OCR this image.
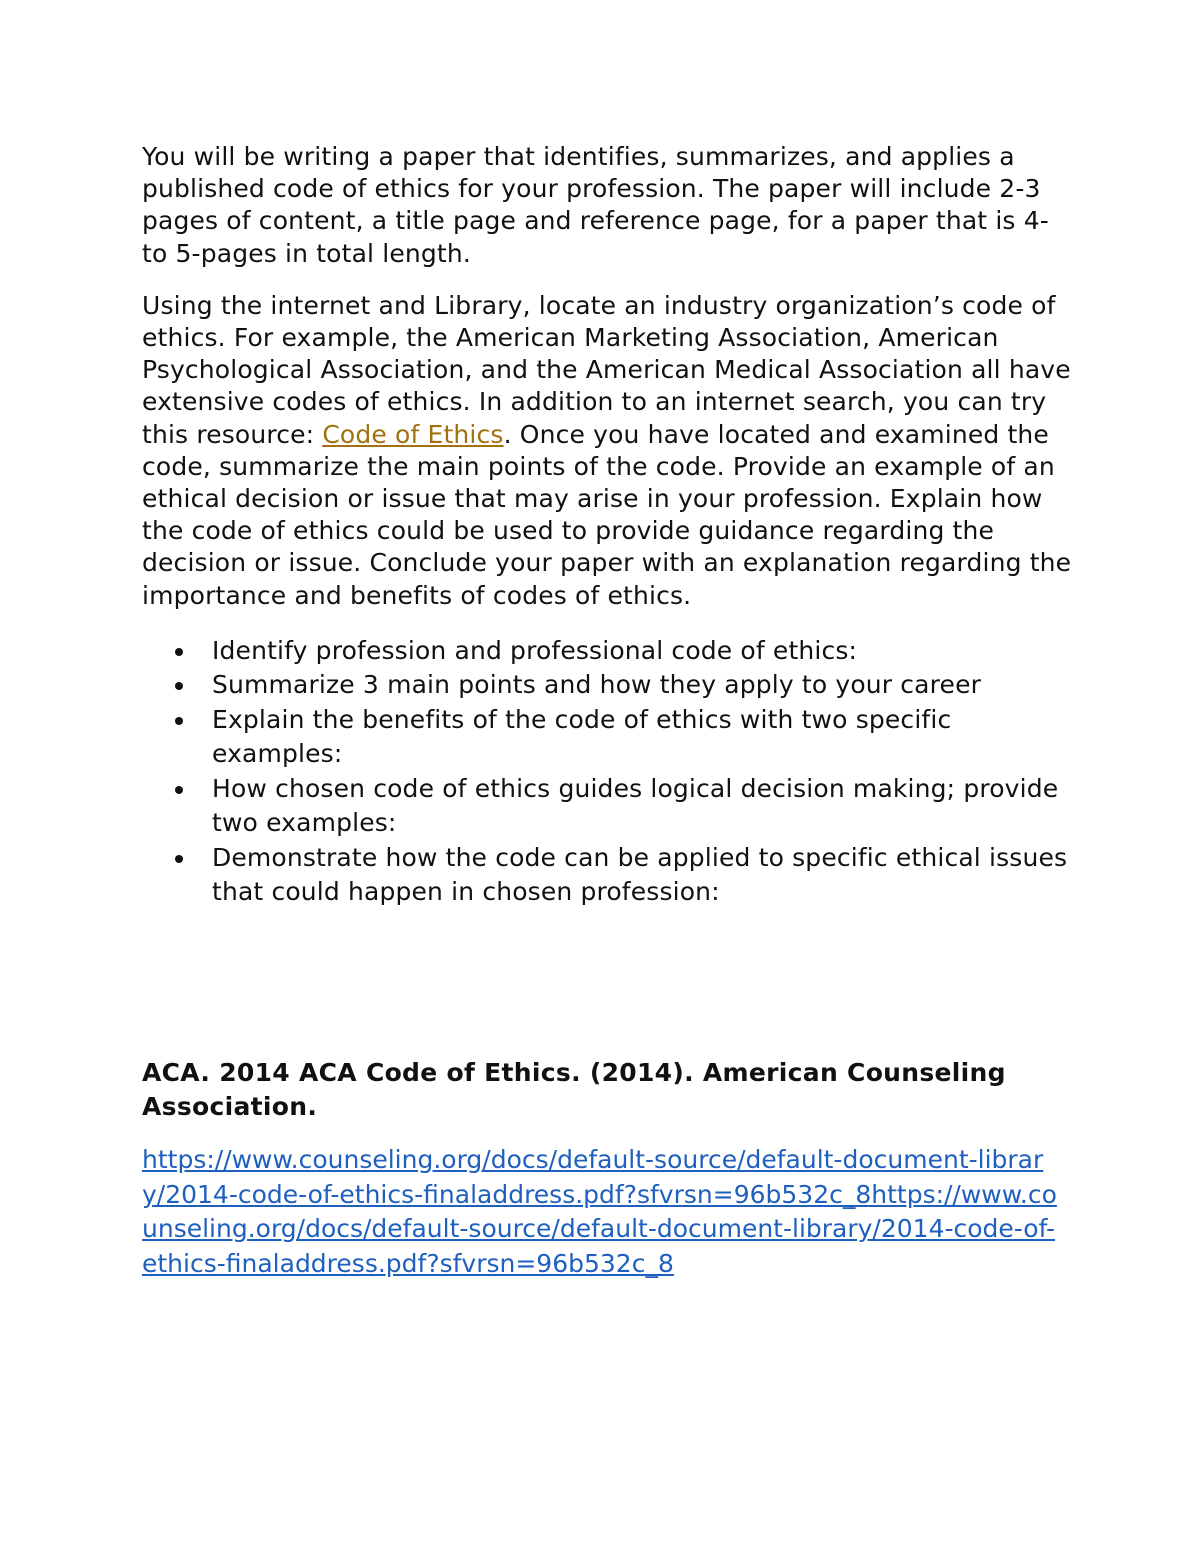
You will be writing a paper that identifies, summarizes, and applies a published code of ethics for your profession. The paper will include 2-3 pages of content, a title page and reference page, for a paper that is 4- to 5-pages in total length.

Using the internet and Library, locate an industry organization’s code of ethics. For example, the American Marketing Association, American Psychological Association, and the American Medical Association all have extensive codes of ethics. In addition to an internet search, you can try this resource: Code of Ethics. Once you have located and examined the code, summarize the main points of the code. Provide an example of an ethical decision or issue that may arise in your profession. Explain how the code of ethics could be used to provide guidance regarding the decision or issue. Conclude your paper with an explanation regarding the importance and benefits of codes of ethics.

Identify profession and professional code of ethics:
Summarize 3 main points and how they apply to your career
Explain the benefits of the code of ethics with two specific examples:
How chosen code of ethics guides logical decision making; provide two examples:
Demonstrate how the code can be applied to specific ethical issues that could happen in chosen profession:
ACA. 2014 ACA Code of Ethics. (2014). American Counseling Association.
https://www.counseling.org/docs/default-source/default-document-library/2014-code-of-ethics-finaladdress.pdf?sfvrsn=96b532c_8https://www.counseling.org/docs/default-source/default-document-library/2014-code-of-ethics-finaladdress.pdf?sfvrsn=96b532c_8
